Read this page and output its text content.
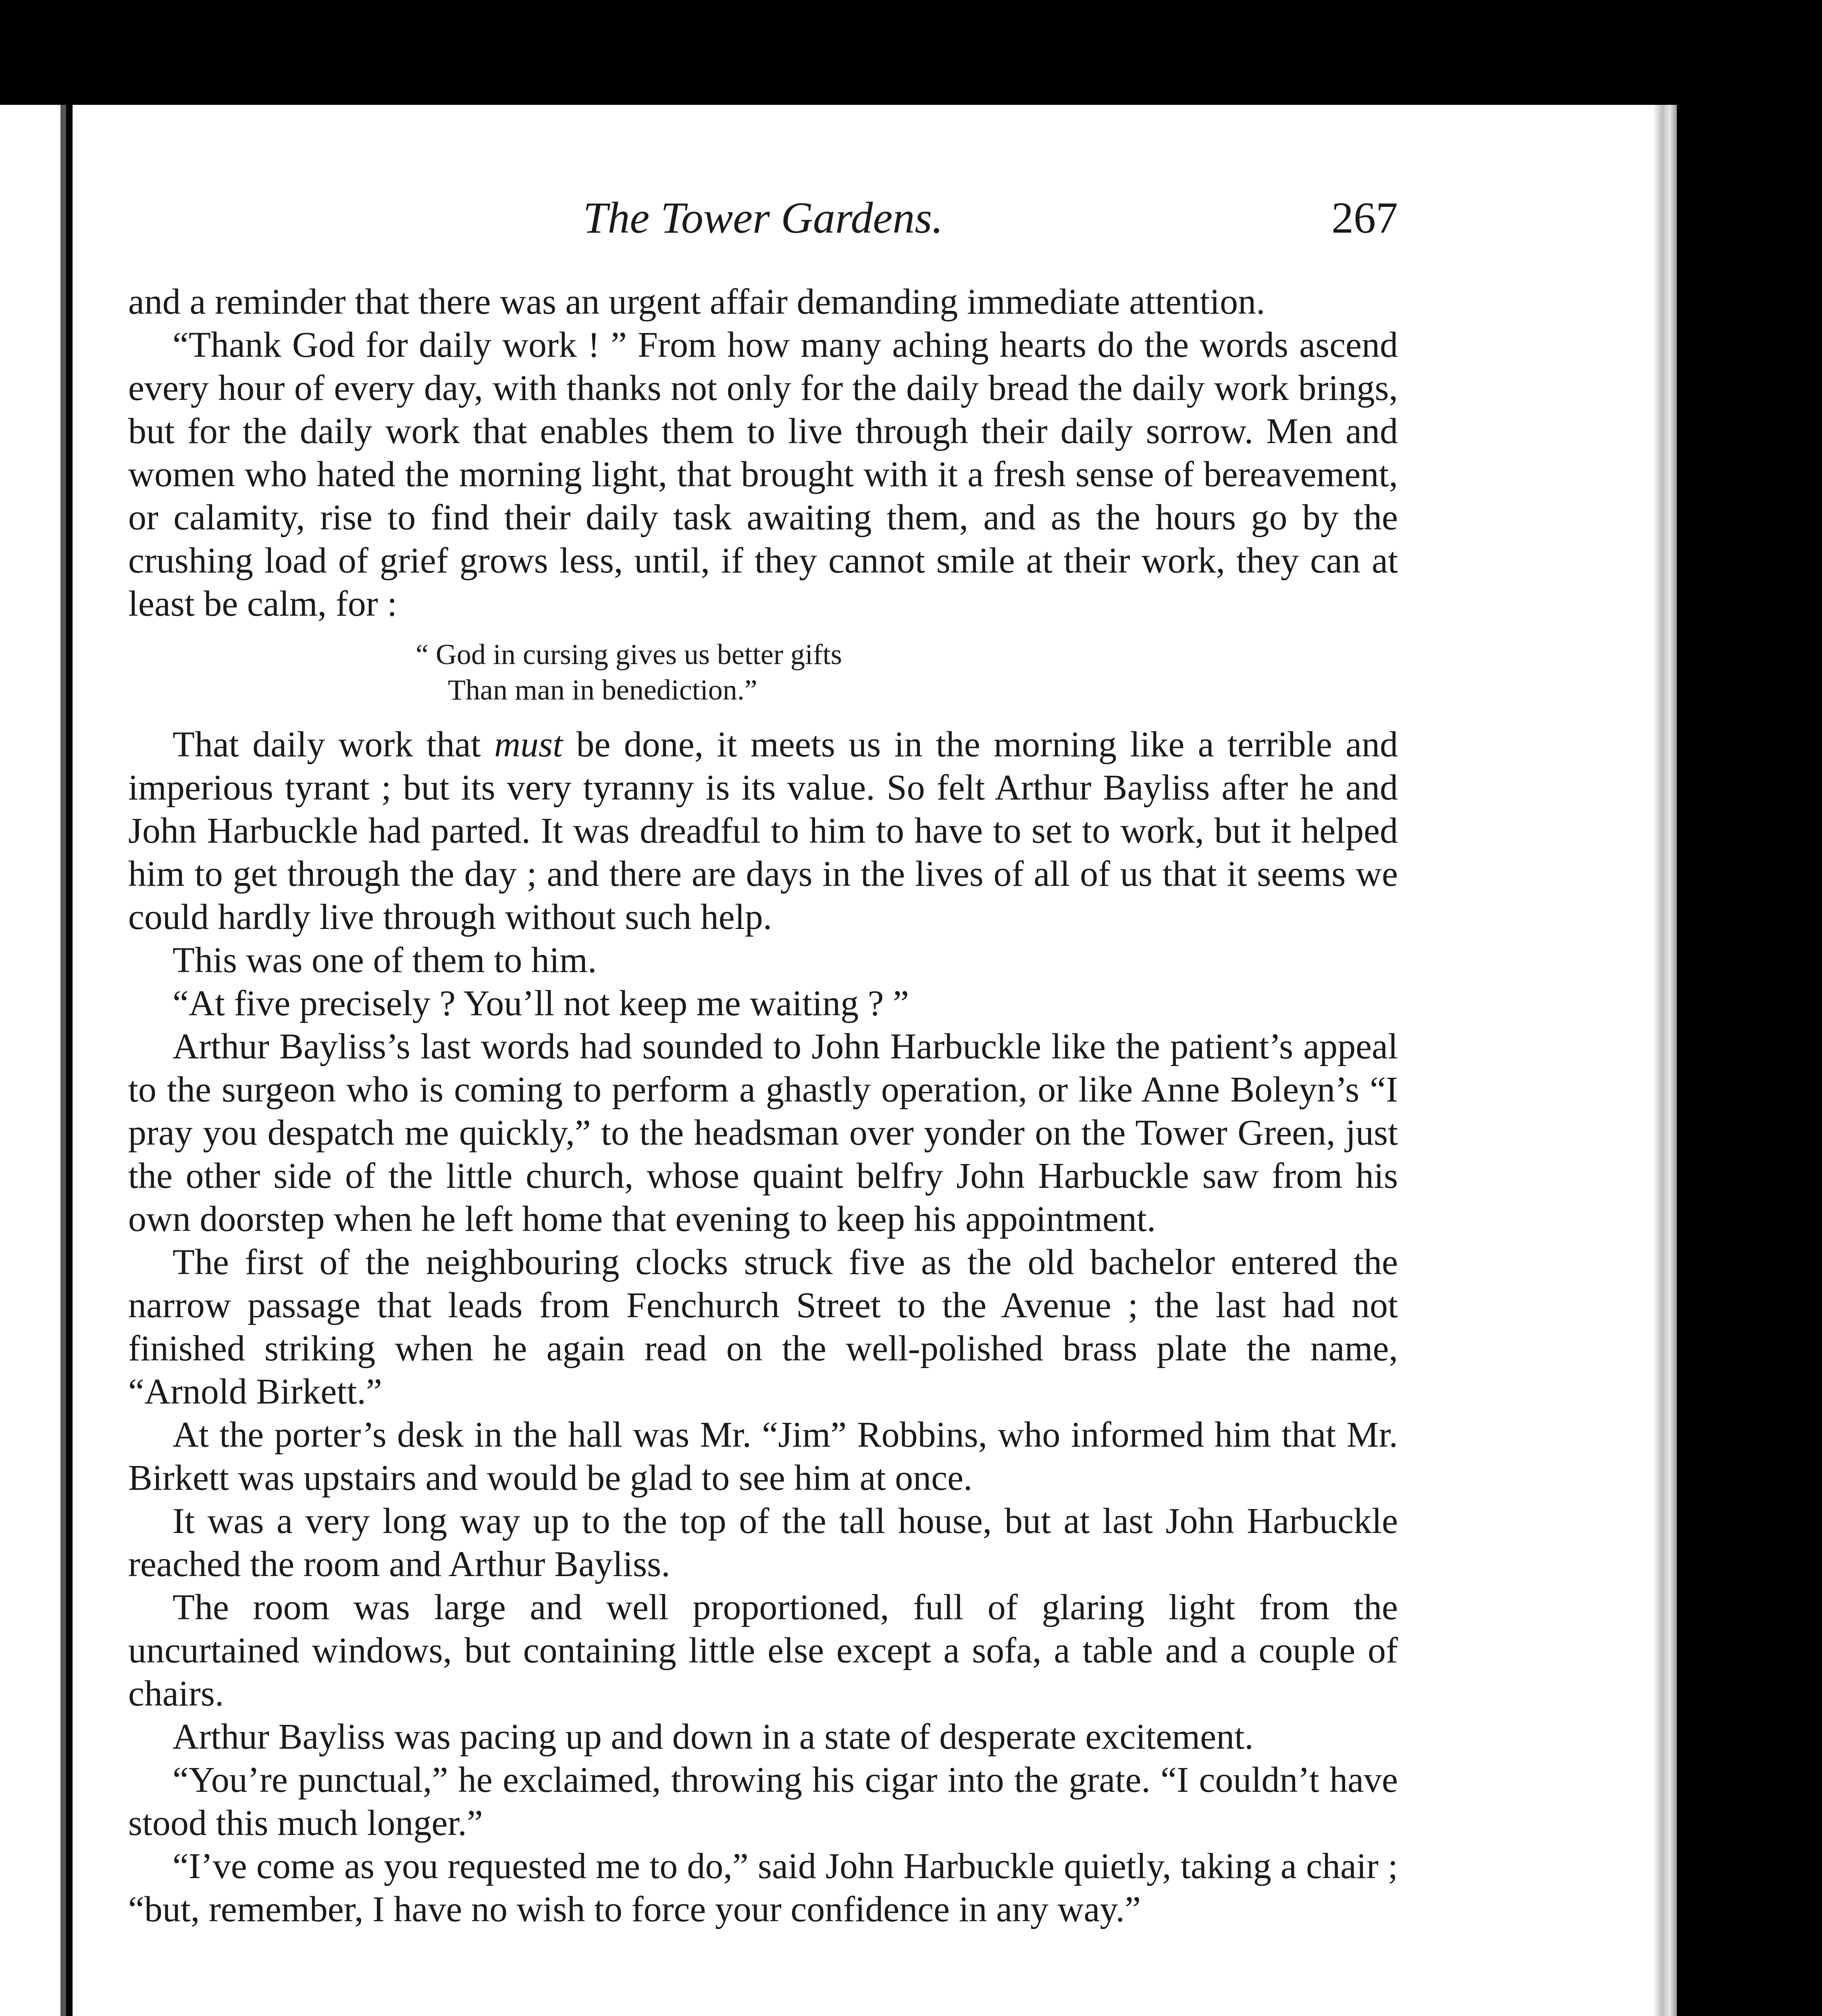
The Tower Gardens.	267

and a reminder that there was an urgent affair demanding immediate attention.

“Thank God for daily work ! ” From how many aching hearts do the words ascend every hour of every day, with thanks not only for the daily bread the daily work brings, but for the daily work that enables them to live through their daily sorrow. Men and women who hated the morning light, that brought with it a fresh sense of bereavement, or calamity, rise to find their daily task awaiting them, and as the hours go by the crushing load of grief grows less, until, if they cannot smile at their work, they can at least be calm, for :

“ God in cursing gives us better gifts
Than man in benediction.”

That daily work that must be done, it meets us in the morning like a terrible and imperious tyrant ; but its very tyranny is its value. So felt Arthur Bayliss after he and John Harbuckle had parted. It was dreadful to him to have to set to work, but it helped him to get through the day ; and there are days in the lives of all of us that it seems we could hardly live through without such help.

This was one of them to him.

“At five precisely ? You’ll not keep me waiting ? ”

Arthur Bayliss’s last words had sounded to John Harbuckle like the patient’s appeal to the surgeon who is coming to perform a ghastly operation, or like Anne Boleyn’s “I pray you despatch me quickly,” to the headsman over yonder on the Tower Green, just the other side of the little church, whose quaint belfry John Harbuckle saw from his own doorstep when he left home that evening to keep his appointment.

The first of the neighbouring clocks struck five as the old bachelor entered the narrow passage that leads from Fenchurch Street to the Avenue ; the last had not finished striking when he again read on the well-polished brass plate the name, “Arnold Birkett.”

At the porter’s desk in the hall was Mr. “Jim” Robbins, who informed him that Mr. Birkett was upstairs and would be glad to see him at once.

It was a very long way up to the top of the tall house, but at last John Harbuckle reached the room and Arthur Bayliss.

The room was large and well proportioned, full of glaring light from the uncurtained windows, but containing little else except a sofa, a table and a couple of chairs.

Arthur Bayliss was pacing up and down in a state of desperate excitement.

“You’re punctual,” he exclaimed, throwing his cigar into the grate. “I couldn’t have stood this much longer.”

“I’ve come as you requested me to do,” said John Harbuckle quietly, taking a chair ; “but, remember, I have no wish to force your confidence in any way.”
